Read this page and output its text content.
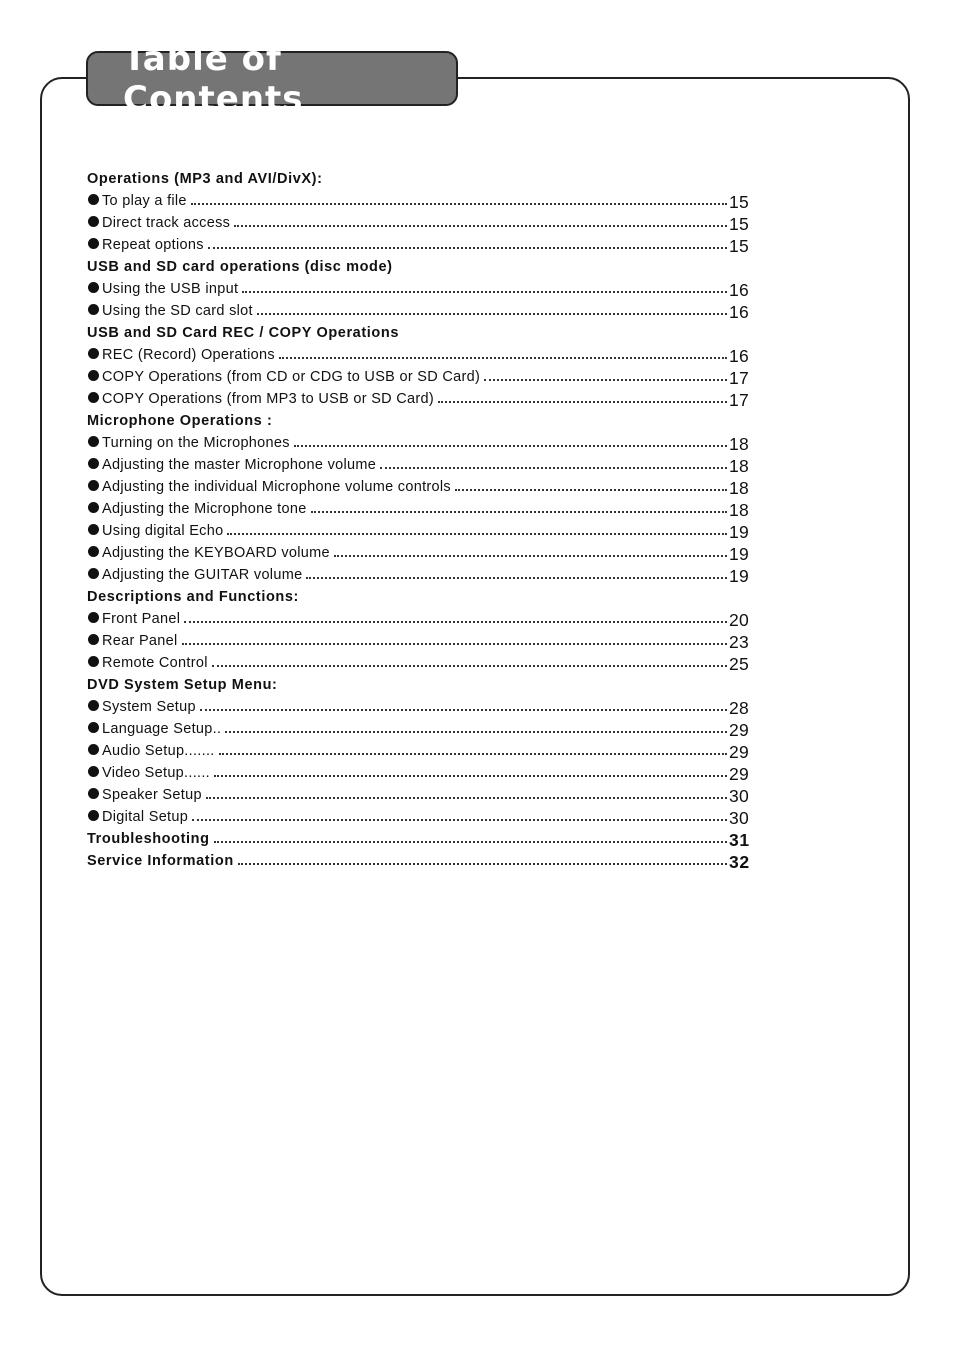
Table of Contents
Operations (MP3 and AVI/DivX):
To play a file	15
Direct track access	15
Repeat options	15
USB and SD card operations (disc mode)
Using the USB input	16
Using the SD card slot	16
USB and SD Card REC / COPY Operations
REC (Record) Operations	16
COPY Operations (from CD or CDG to USB or SD Card)	17
COPY Operations (from MP3 to USB or SD Card)	17
Microphone Operations :
Turning on the Microphones	18
Adjusting the master Microphone volume	18
Adjusting the individual Microphone volume controls	18
Adjusting the Microphone tone	18
Using digital Echo	19
Adjusting the KEYBOARD volume	19
Adjusting the GUITAR volume	19
Descriptions and Functions:
Front Panel	20
Rear Panel	23
Remote Control	25
DVD System Setup Menu:
System Setup	28
Language Setup..	29
Audio Setup.......	29
Video Setup......	29
Speaker Setup	30
Digital Setup	30
Troubleshooting	31
Service Information	32
